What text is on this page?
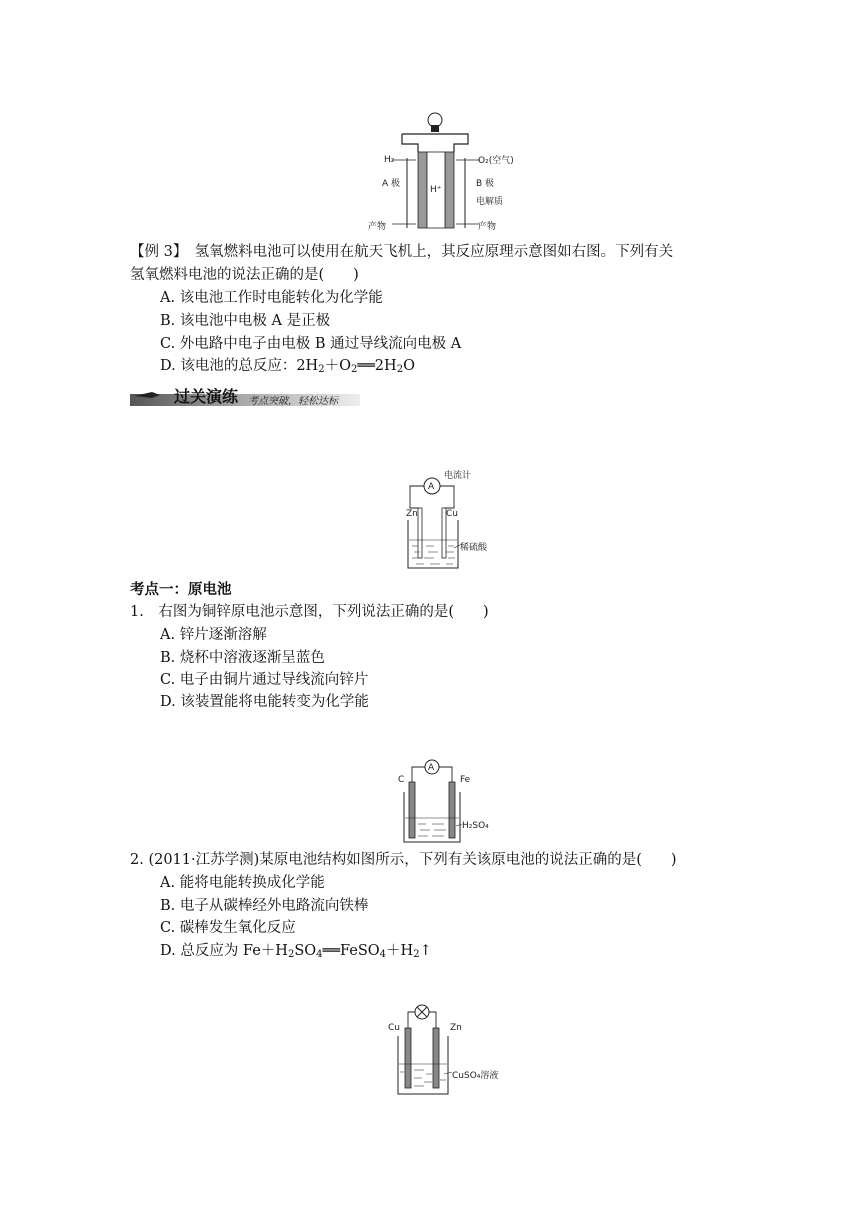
H₂	O₂(空气)
A 极	B 极
H⁺
电解质
产物	产物
【例 3】　 氢氧燃料电池可以使用在航天飞机上，其反应原理示意图如右图。下列有关
氢氧燃料电池的说法正确的是(　　)
A. 该电池工作时电能转化为化学能
B. 该电池中电极 A 是正极
C. 外电路中电子由电极 B 通过导线流向电极 A
D. 该电池的总反应：$2H_2+O_2══2H_2O$
过关演练 考点突破，轻松达标
A
电流计
Zn	Cu
稀硫酸
考点一：原电池
1.　右图为铜锌原电池示意图，下列说法正确的是(　　)
A. 锌片逐渐溶解
B. 烧杯中溶液逐渐呈蓝色
C. 电子由铜片通过导线流向锌片
D. 该装置能将电能转变为化学能
A
C	Fe
H₂SO₄
2. (2011·江苏学测)某原电池结构如图所示，下列有关该原电池的说法正确的是(　　)
A. 能将电能转换成化学能
B. 电子从碳棒经外电路流向铁棒
C. 碳棒发生氧化反应
D. 总反应为 $Fe+H_2SO_4══FeSO_4+H_2↑$
Cu	Zn
CuSO₄溶液
